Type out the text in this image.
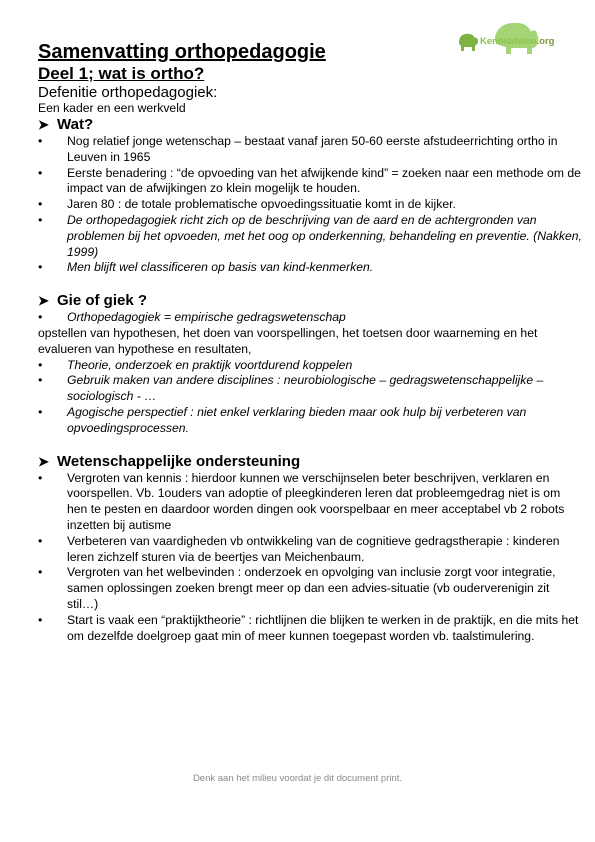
Kennisdelen.org
Samenvatting orthopedagogie
Deel 1; wat is ortho?

Defenitie orthopedagogiek:

Een kader en een werkveld

➤ Wat?
• Nog relatief jonge wetenschap – bestaat vanaf jaren 50-60 eerste afstudeerrichting ortho in Leuven in 1965
• Eerste benadering : “de opvoeding van het afwijkende kind” = zoeken naar een methode om de impact van de afwijkingen zo klein mogelijk te houden.
• Jaren 80 : de totale problematische opvoedingssituatie komt in de kijker.
• De orthopedagogiek richt zich op de beschrijving van de aard en de achtergronden van problemen bij het opvoeden, met het oog op onderkenning, behandeling en preventie. (Nakken, 1999)
• Men blijft wel classificeren op basis van kind-kenmerken.
➤ Gie of giek ?
• Orthopedagogiek = empirische gedragswetenschap

opstellen van hypothesen, het doen van voorspellingen, het toetsen door waarneming en het evalueren van hypothese en resultaten,

• Theorie, onderzoek en praktijk voortdurend koppelen
• Gebruik maken van andere disciplines : neurobiologische – gedragswetenschappelijke – sociologisch - …
• Agogische perspectief : niet enkel verklaring bieden maar ook hulp bij verbeteren van opvoedingsprocessen.
➤ Wetenschappelijke ondersteuning
• Vergroten van kennis : hierdoor kunnen we verschijnselen beter beschrijven, verklaren en voorspellen. Vb. 1ouders van adoptie of pleegkinderen leren dat probleemgedrag niet is om hen te pesten en daardoor worden dingen ook voorspelbaar en meer acceptabel vb 2 robots inzetten bij autisme
• Verbeteren van vaardigheden vb ontwikkeling van de cognitieve gedragstherapie : kinderen leren zichzelf sturen via de beertjes van Meichenbaum.
• Vergroten van het welbevinden : onderzoek en opvolging van inclusie zorgt voor integratie, samen oplossingen zoeken brengt meer op dan een advies-situatie (vb ouderverenigin zit stil…)
• Start is vaak een “praktijktheorie” : richtlijnen die blijken te werken in de praktijk, en die mits het om dezelfde doelgroep gaat min of meer kunnen toegepast worden vb. taalstimulering.
Denk aan het milieu voordat je dit document print.
